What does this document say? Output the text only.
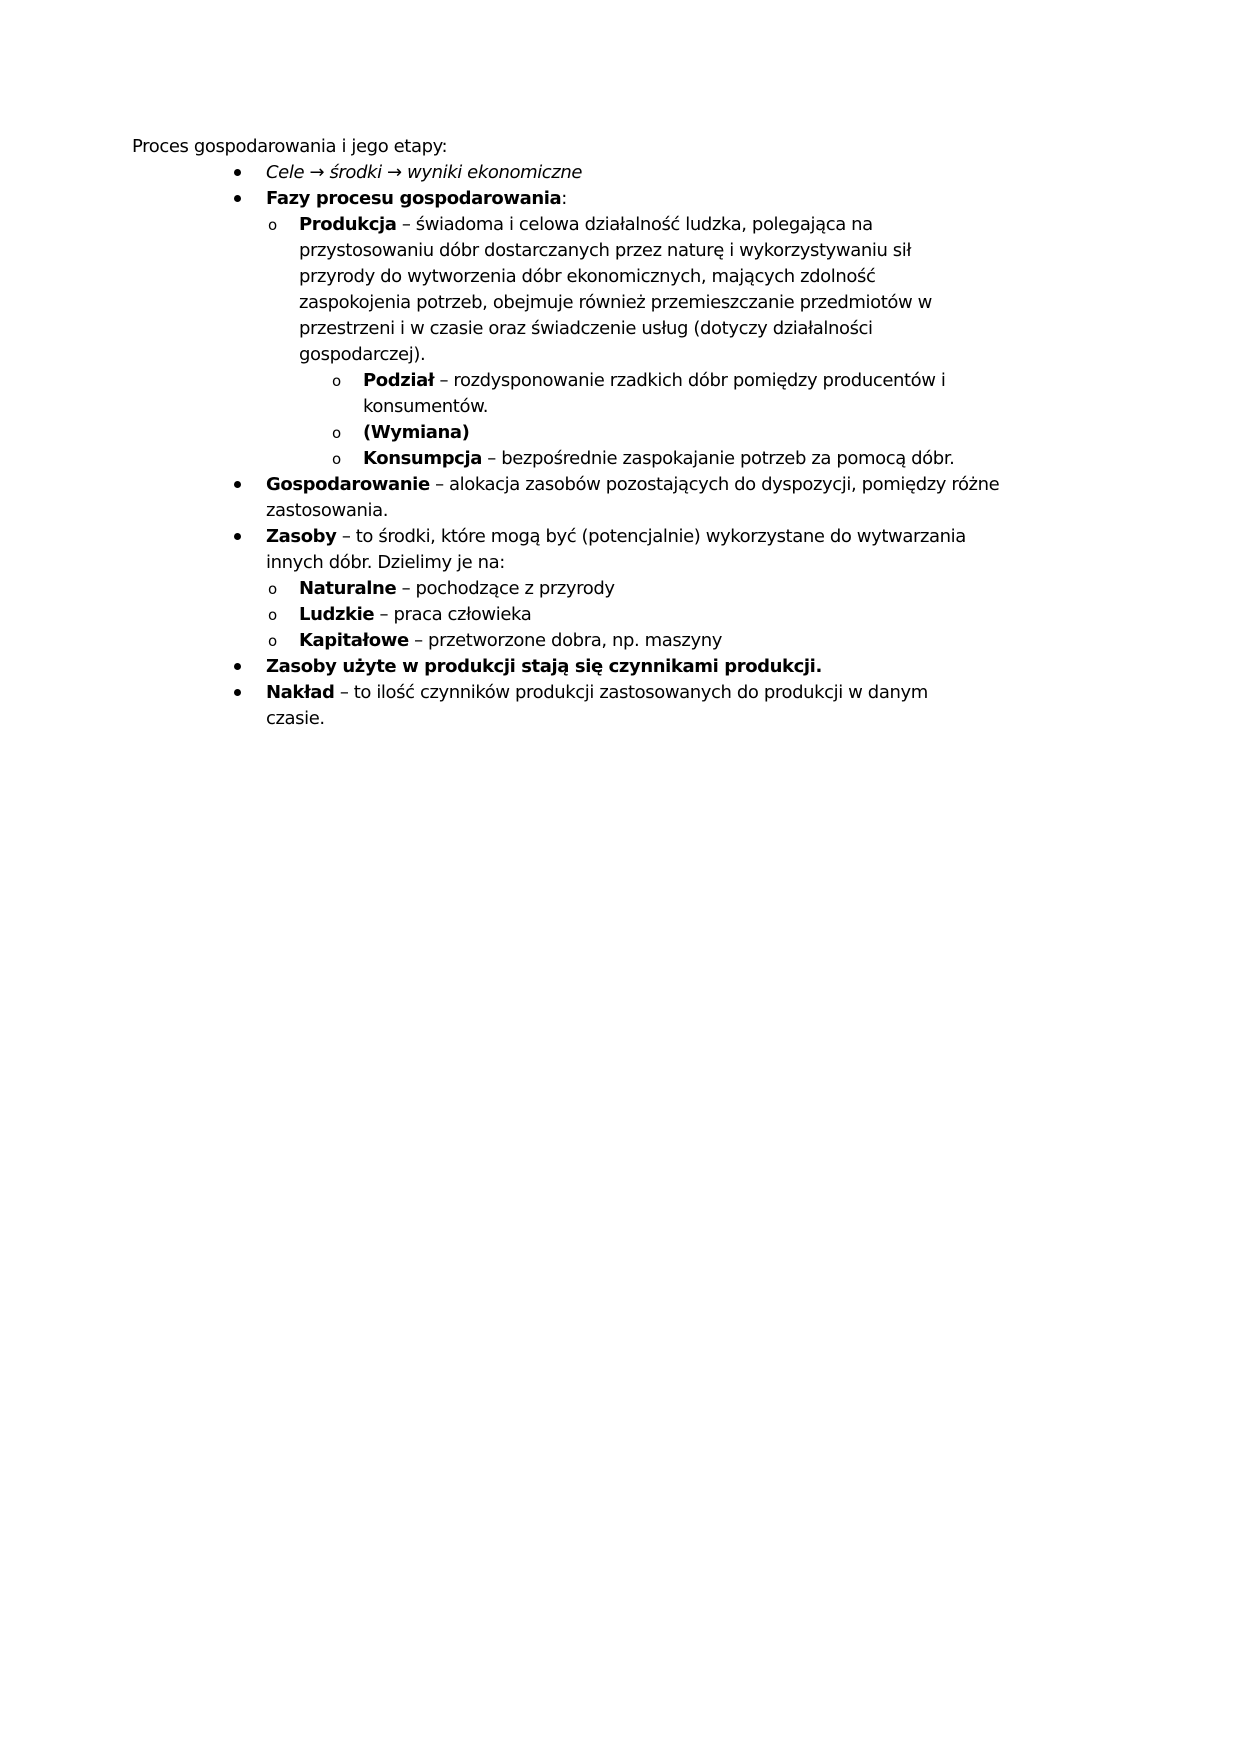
Proces gospodarowania i jego etapy:
Cele → środki → wyniki ekonomiczne
Fazy procesu gospodarowania:
o Produkcja – świadoma i celowa działalność ludzka, polegająca na
przystosowaniu dóbr dostarczanych przez naturę i wykorzystywaniu sił
przyrody do wytworzenia dóbr ekonomicznych, mających zdolność
zaspokojenia potrzeb, obejmuje również przemieszczanie przedmiotów w
przestrzeni i w czasie oraz świadczenie usług (dotyczy działalności
gospodarczej).
o Podział – rozdysponowanie rzadkich dóbr pomiędzy producentów i
konsumentów.
o (Wymiana)
o Konsumpcja – bezpośrednie zaspokajanie potrzeb za pomocą dóbr.
Gospodarowanie – alokacja zasobów pozostających do dyspozycji, pomiędzy różne
zastosowania.
Zasoby – to środki, które mogą być (potencjalnie) wykorzystane do wytwarzania
innych dóbr. Dzielimy je na:
o Naturalne – pochodzące z przyrody
o Ludzkie – praca człowieka
o Kapitałowe – przetworzone dobra, np. maszyny
Zasoby użyte w produkcji stają się czynnikami produkcji.
Nakład – to ilość czynników produkcji zastosowanych do produkcji w danym
czasie.
